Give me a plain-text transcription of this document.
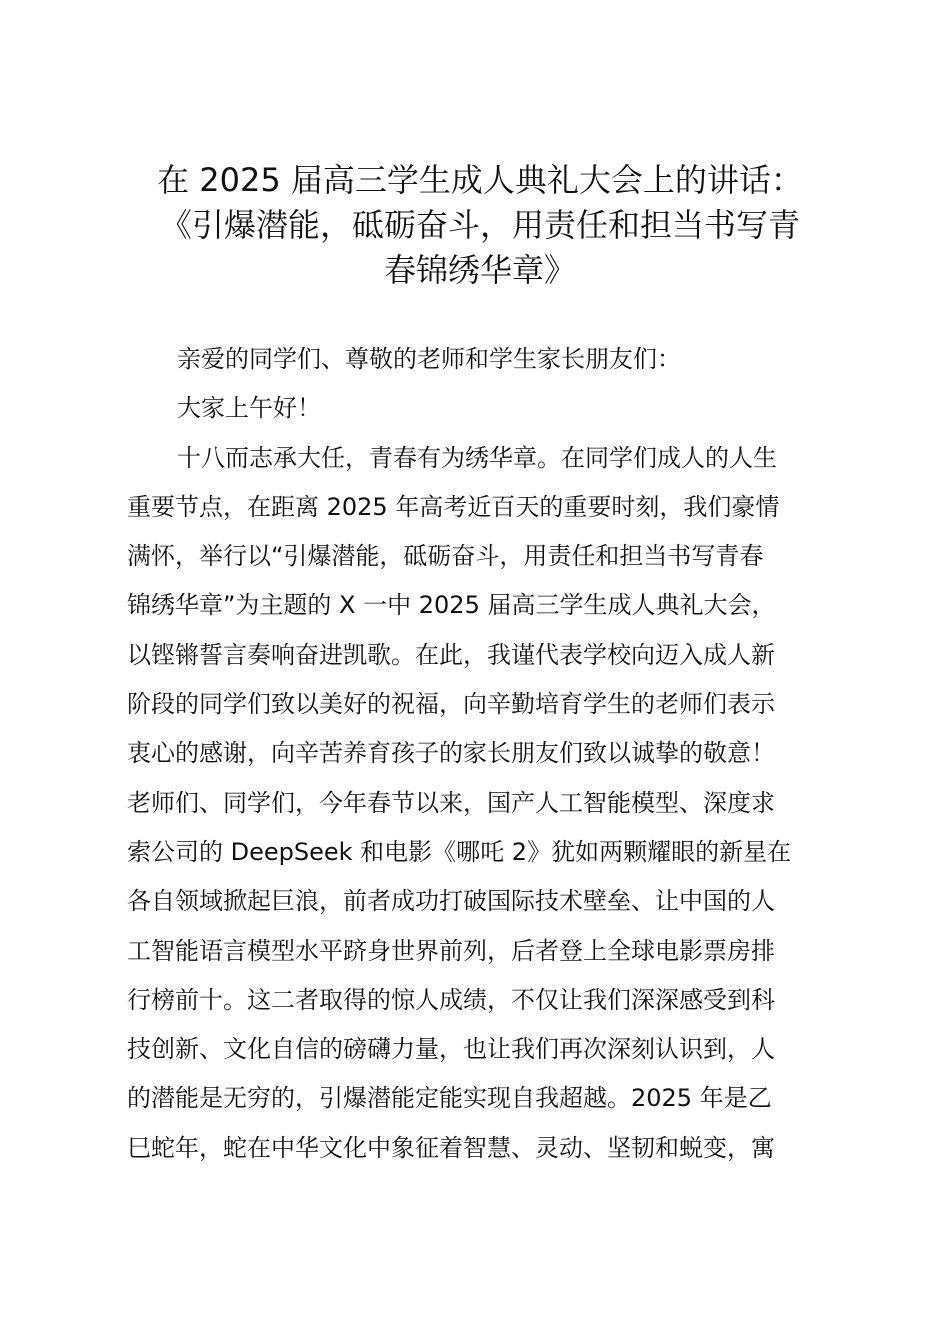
在 2025 届高三学生成人典礼大会上的讲话：
《引爆潜能，砥砺奋斗，用责任和担当书写青
春锦绣华章》
亲爱的同学们、尊敬的老师和学生家长朋友们：
大家上午好！
十八而志承大任，青春有为绣华章。在同学们成人的人生
重要节点，在距离 2025 年高考近百天的重要时刻，我们豪情
满怀，举行以“引爆潜能，砥砺奋斗，用责任和担当书写青春
锦绣华章”为主题的 X 一中 2025 届高三学生成人典礼大会，
以铿锵誓言奏响奋进凯歌。在此，我谨代表学校向迈入成人新
阶段的同学们致以美好的祝福，向辛勤培育学生的老师们表示
衷心的感谢，向辛苦养育孩子的家长朋友们致以诚挚的敬意！
老师们、同学们，今年春节以来，国产人工智能模型、深度求
索公司的 DeepSeek 和电影《哪吒 2》犹如两颗耀眼的新星在
各自领域掀起巨浪，前者成功打破国际技术壁垒、让中国的人
工智能语言模型水平跻身世界前列，后者登上全球电影票房排
行榜前十。这二者取得的惊人成绩，不仅让我们深深感受到科
技创新、文化自信的磅礴力量，也让我们再次深刻认识到，人
的潜能是无穷的，引爆潜能定能实现自我超越。2025 年是乙
巳蛇年，蛇在中华文化中象征着智慧、灵动、坚韧和蜕变，寓
